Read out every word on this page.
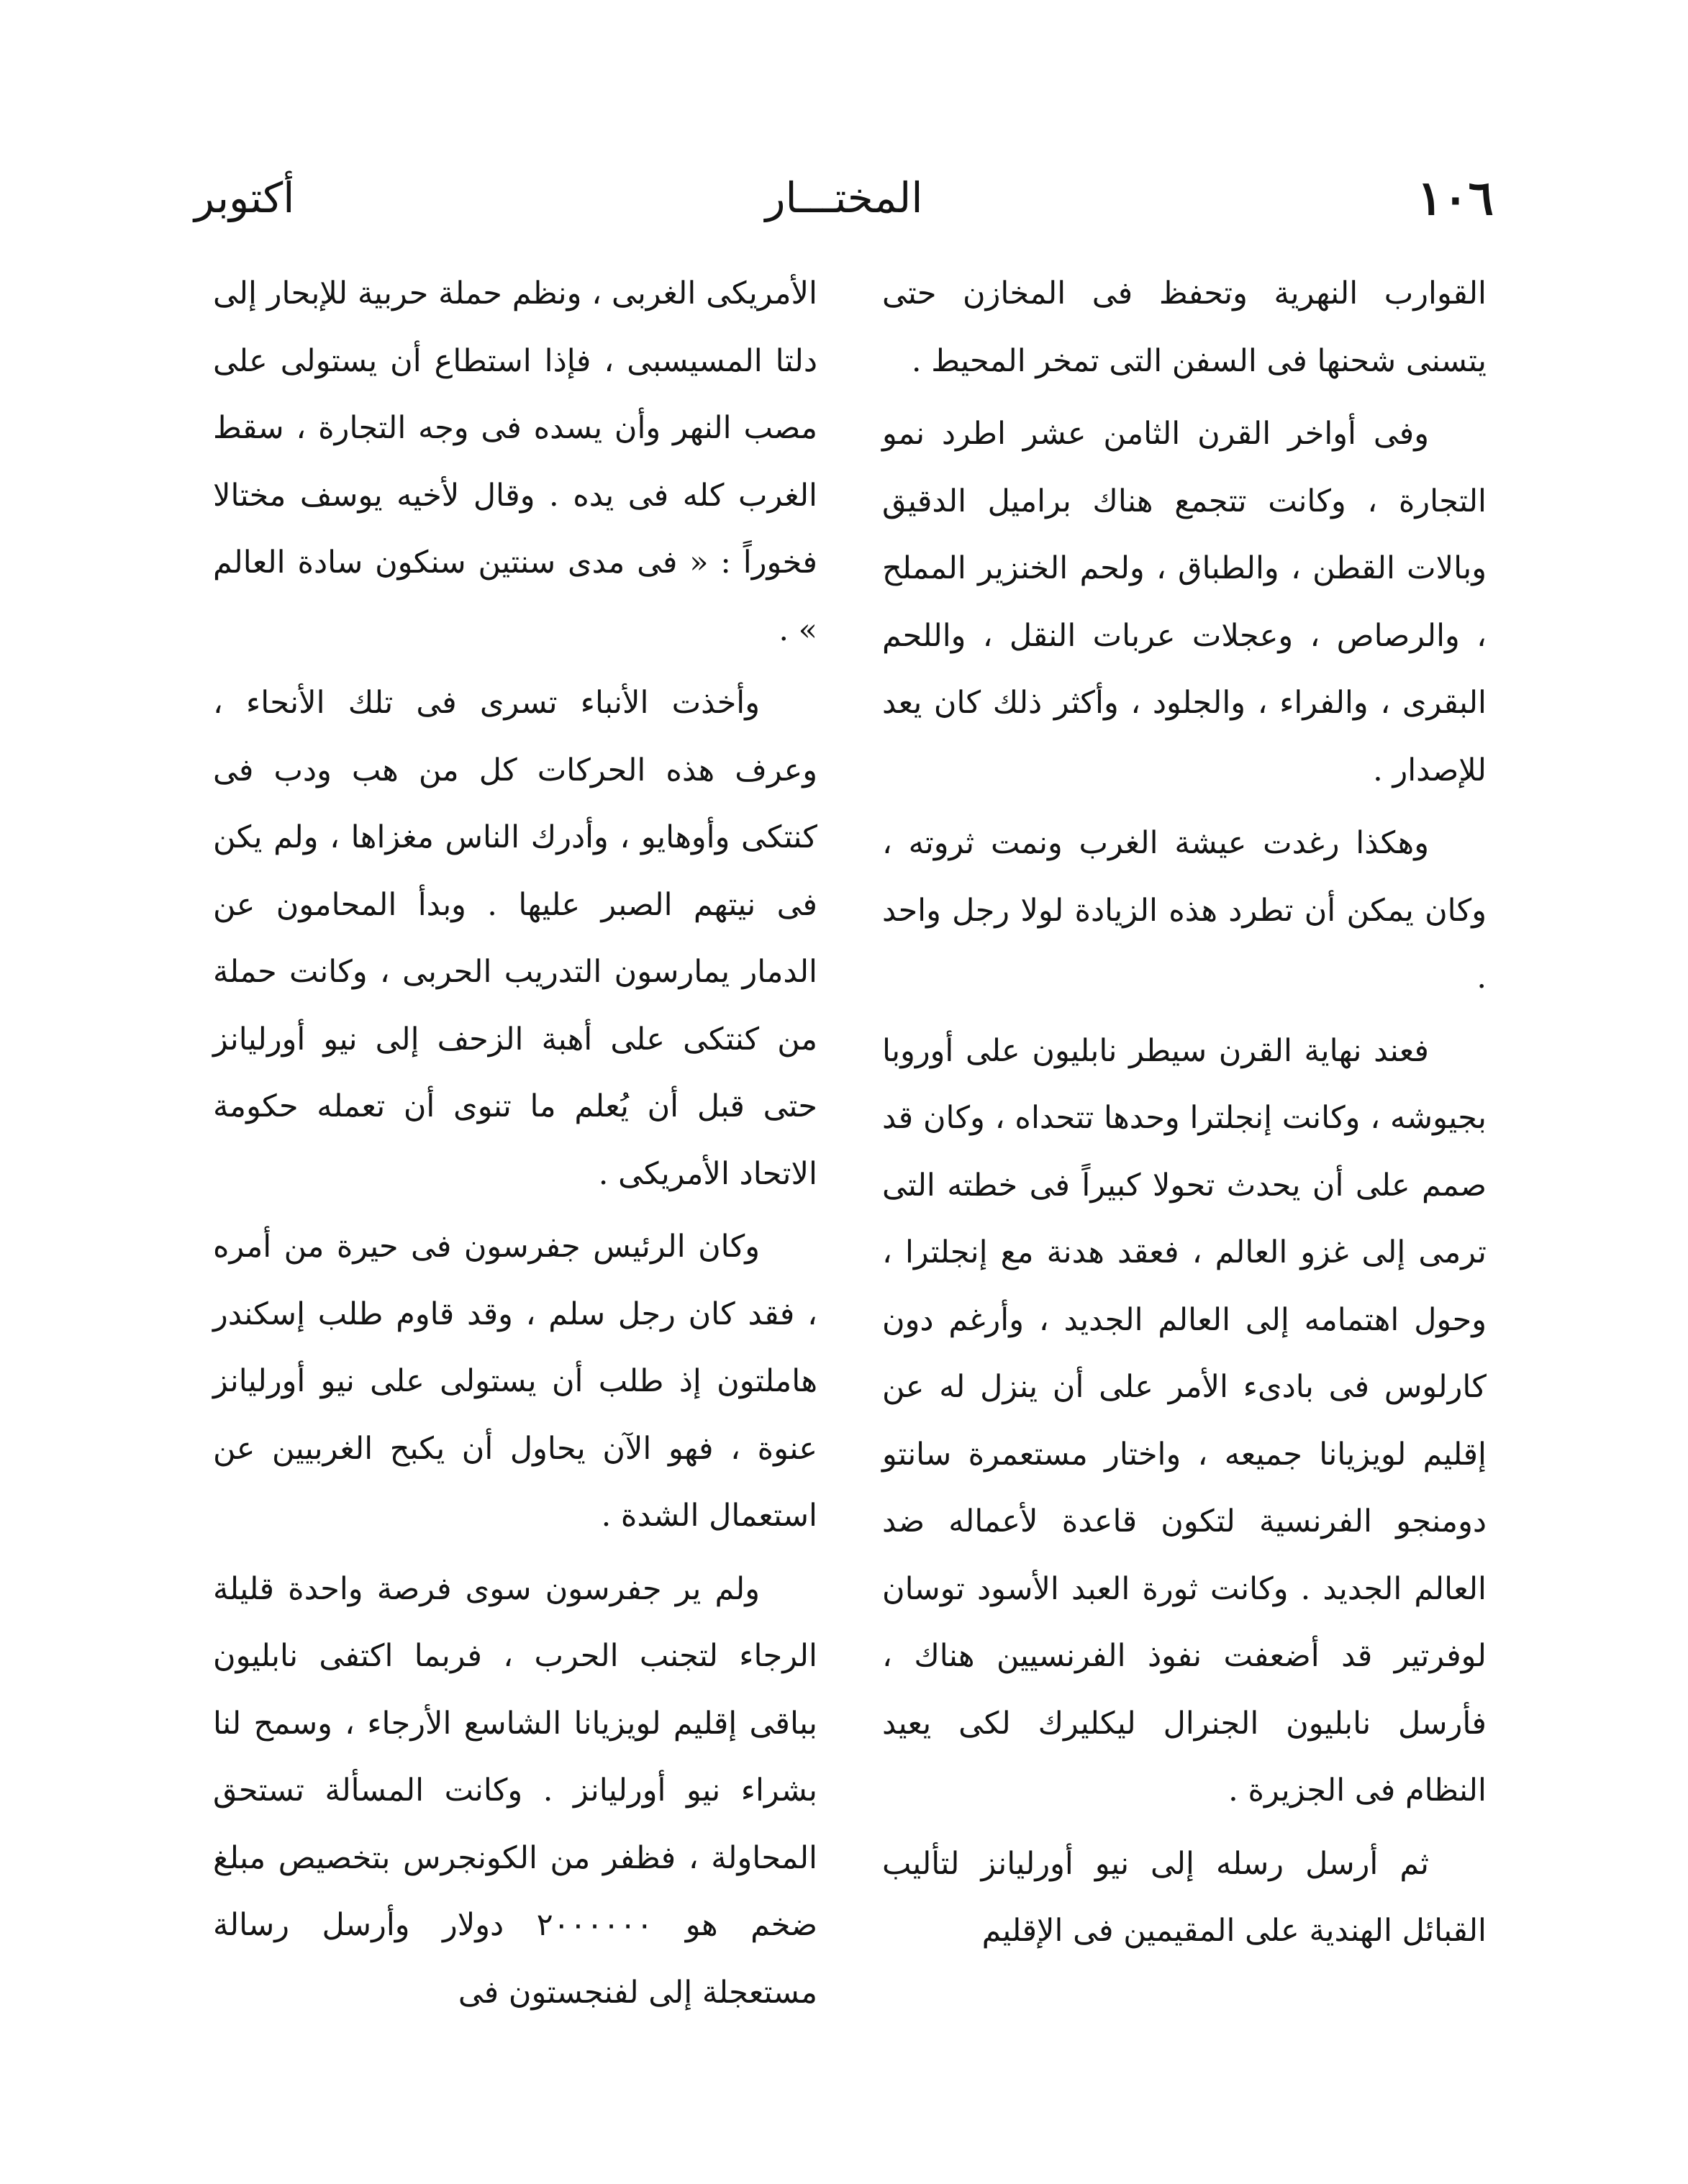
١٠٦
المختـــار
أكتوبر

القوارب النهرية وتحفظ فى المخازن حتى يتسنى شحنها فى السفن التى تمخر المحيط .

وفى أواخر القرن الثامن عشر اطرد نمو التجارة ، وكانت تتجمع هناك براميل الدقيق وبالات القطن ، والطباق ، ولحم الخنزير المملح ، والرصاص ، وعجلات عربات النقل ، واللحم البقرى ، والفراء ، والجلود ، وأكثر ذلك كان يعد للإصدار .

وهكذا رغدت عيشة الغرب ونمت ثروته ، وكان يمكن أن تطرد هذه الزيادة لولا رجل واحد .

فعند نهاية القرن سيطر نابليون على أوروبا بجيوشه ، وكانت إنجلترا وحدها تتحداه ، وكان قد صمم على أن يحدث تحولا كبيراً فى خطته التى ترمى إلى غزو العالم ، فعقد هدنة مع إنجلترا ، وحول اهتمامه إلى العالم الجديد ، وأرغم دون كارلوس فى بادىء الأمر على أن ينزل له عن إقليم لويزيانا جميعه ، واختار مستعمرة سانتو دومنجو الفرنسية لتكون قاعدة لأعماله ضد العالم الجديد . وكانت ثورة العبد الأسود توسان لوفرتير قد أضعفت نفوذ الفرنسيين هناك ، فأرسل نابليون الجنرال ليكليرك لكى يعيد النظام فى الجزيرة .

ثم أرسل رسله إلى نيو أورليانز لتأليب القبائل الهندية على المقيمين فى الإقليم

الأمريكى الغربى ، ونظم حملة حربية للإبحار إلى دلتا المسيسبى ، فإذا استطاع أن يستولى على مصب النهر وأن يسده فى وجه التجارة ، سقط الغرب كله فى يده . وقال لأخيه يوسف مختالا فخوراً : « فى مدى سنتين سنكون سادة العالم » .

وأخذت الأنباء تسرى فى تلك الأنحاء ، وعرف هذه الحركات كل من هب ودب فى كنتكى وأوهايو ، وأدرك الناس مغزاها ، ولم يكن فى نيتهم الصبر عليها . وبدأ المحامون عن الدمار يمارسون التدريب الحربى ، وكانت حملة من كنتكى على أهبة الزحف إلى نيو أورليانز حتى قبل أن يُعلم ما تنوى أن تعمله حكومة الاتحاد الأمريكى .

وكان الرئيس جفرسون فى حيرة من أمره ، فقد كان رجل سلم ، وقد قاوم طلب إسكندر هاملتون إذ طلب أن يستولى على نيو أورليانز عنوة ، فهو الآن يحاول أن يكبح الغربيين عن استعمال الشدة .

ولم ير جفرسون سوى فرصة واحدة قليلة الرجاء لتجنب الحرب ، فربما اكتفى نابليون بباقى إقليم لويزيانا الشاسع الأرجاء ، وسمح لنا بشراء نيو أورليانز . وكانت المسألة تستحق المحاولة ، فظفر من الكونجرس بتخصيص مبلغ ضخم هو ٢٠٠٠٠٠٠ دولار وأرسل رسالة مستعجلة إلى لفنجستون فى
